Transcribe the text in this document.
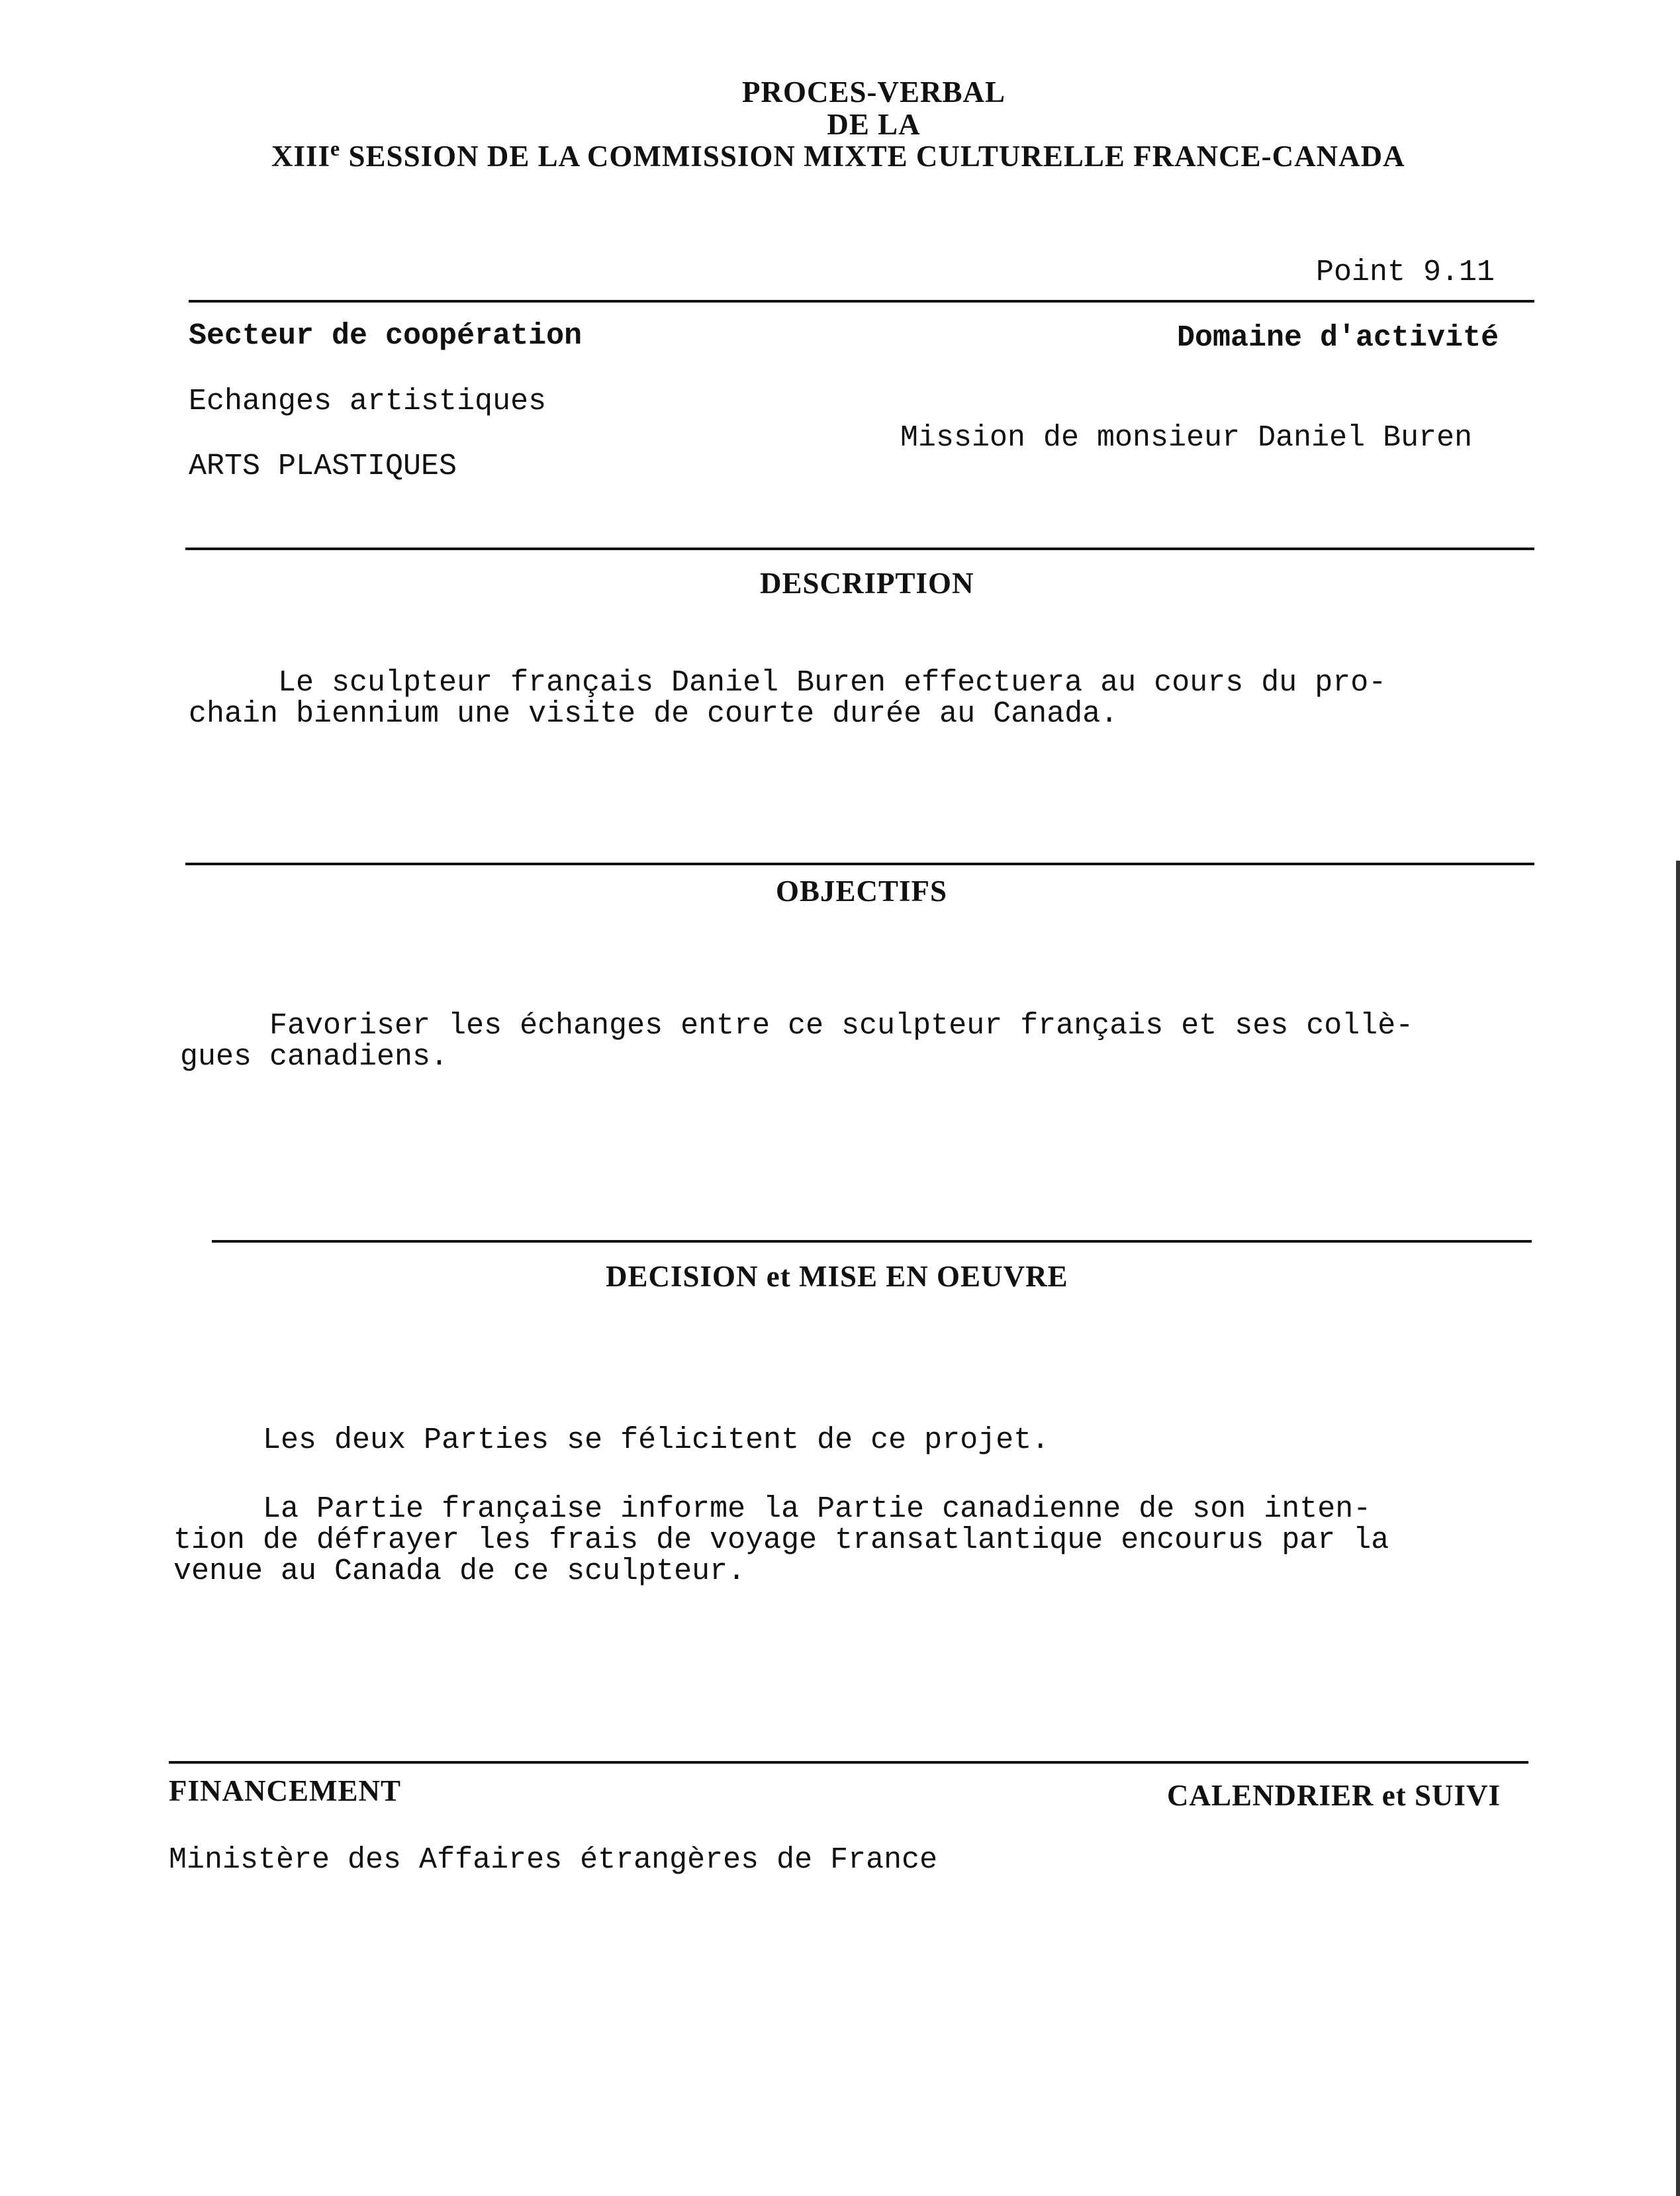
PROCES-VERBAL
DE LA
XIIIe SESSION DE LA COMMISSION MIXTE CULTURELLE FRANCE-CANADA
Point 9.11
Secteur de coopération	Domaine d'activité
Echanges artistiques
Mission de monsieur Daniel Buren
ARTS PLASTIQUES
DESCRIPTION
Le sculpteur français Daniel Buren effectuera au cours du pro-
chain biennium une visite de courte durée au Canada.
OBJECTIFS
Favoriser les échanges entre ce sculpteur français et ses collè-
gues canadiens.
DECISION et MISE EN OEUVRE
Les deux Parties se félicitent de ce projet.
La Partie française informe la Partie canadienne de son inten-
tion de défrayer les frais de voyage transatlantique encourus par la
venue au Canada de ce sculpteur.
FINANCEMENT	CALENDRIER et SUIVI
Ministère des Affaires étrangères de France
